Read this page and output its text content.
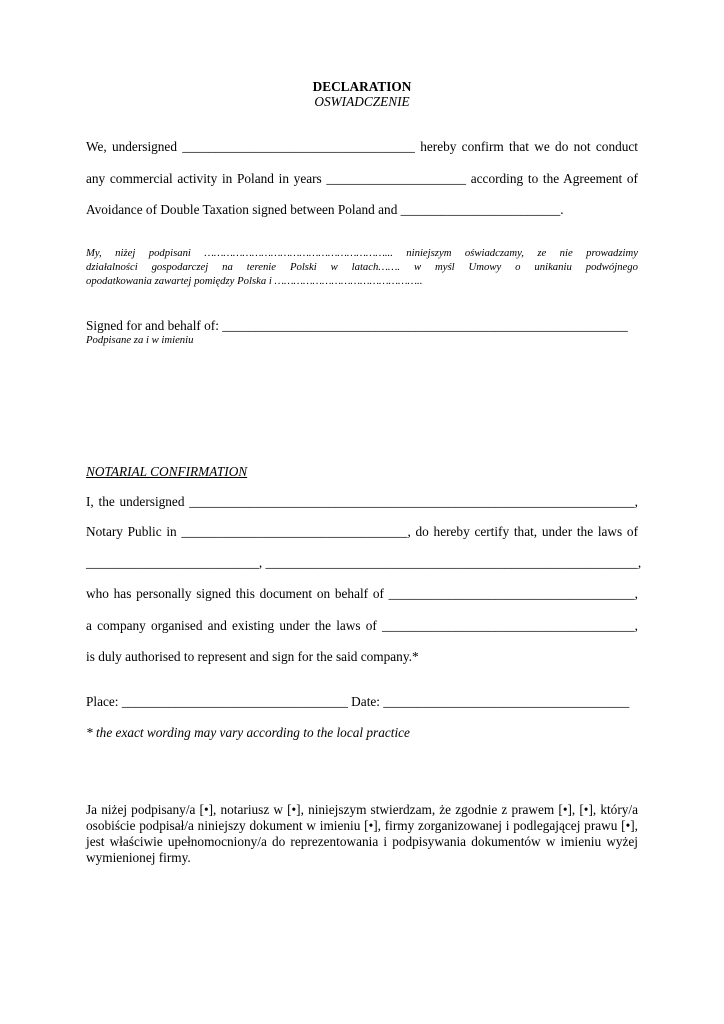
DECLARATION
OSWIADCZENIE
We, undersigned ___________________________________ hereby confirm that we do not conduct
any commercial activity in Poland in years _____________________ according to the Agreement of
Avoidance of Double Taxation signed between Poland and ________________________.
My, niżej podpisani …………………………………………………... niniejszym oświadczamy, ze nie prowadzimy
działalności gospodarczej na terenie Polski w latach……. w myśl Umowy o unikaniu podwójnego
opodatkowania zawartej pomiędzy Polska i ………………………………………..
Signed for and behalf of: _____________________________________________________________
Podpisane za i w imieniu
NOTARIAL CONFIRMATION
I, the undersigned ___________________________________________________________________,
Notary Public in __________________________________, do hereby certify that, under the laws of
__________________________, ________________________________________________________,
who has personally signed this document on behalf of _____________________________________,
a company organised and existing under the laws of ______________________________________,
is duly authorised to represent and sign for the said company.*
Place: __________________________________ Date: _____________________________________
* the exact wording may vary according to the local practice
Ja niżej podpisany/a [•], notariusz w [•], niniejszym stwierdzam, że zgodnie z prawem [•], [•], który/a osobiście podpisał/a niniejszy dokument w imieniu [•], firmy zorganizowanej i podlegającej prawu [•], jest właściwie upełnomocniony/a do reprezentowania i podpisywania dokumentów w imieniu wyżej wymienionej firmy.
